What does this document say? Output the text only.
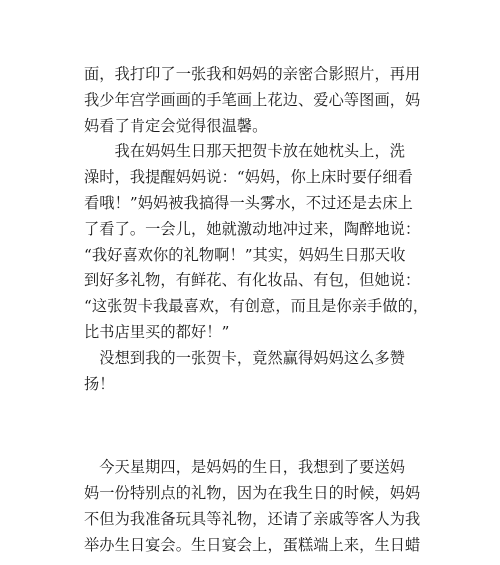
面，我打印了一张我和妈妈的亲密合影照片，再用
我少年宫学画画的手笔画上花边、爱心等图画，妈
妈看了肯定会觉得很温馨。
　　我在妈妈生日那天把贺卡放在她枕头上，洗
澡时，我提醒妈妈说：“妈妈，你上床时要仔细看
看哦！”妈妈被我搞得一头雾水，不过还是去床上
了看了。一会儿，她就激动地冲过来，陶醉地说：
“我好喜欢你的礼物啊！”其实，妈妈生日那天收
到好多礼物，有鲜花、有化妆品、有包，但她说：
“这张贺卡我最喜欢，有创意，而且是你亲手做的，
比书店里买的都好！”
　没想到我的一张贺卡，竟然赢得妈妈这么多赞
扬！
　今天星期四，是妈妈的生日，我想到了要送妈
妈一份特别点的礼物，因为在我生日的时候，妈妈
不但为我准备玩具等礼物，还请了亲戚等客人为我
举办生日宴会。生日宴会上，蛋糕端上来，生日蜡
